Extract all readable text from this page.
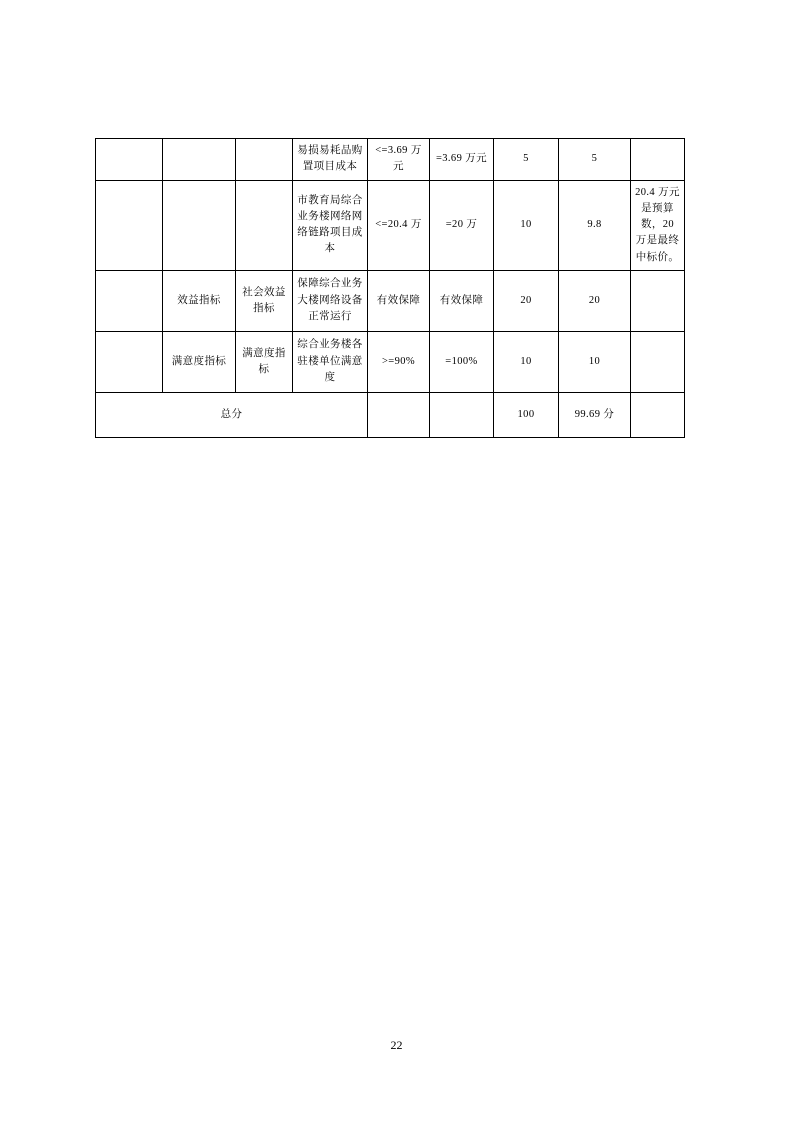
			易损易耗品购置项目成本	<=3.69 万元	=3.69 万元	5	5	
			市教育局综合业务楼网络网络链路项目成本	<=20.4 万	=20 万	10	9.8	20.4 万元是预算数，20 万是最终中标价。
	效益指标	社会效益指标	保障综合业务大楼网络设备正常运行	有效保障	有效保障	20	20	
	满意度指标	满意度指标	综合业务楼各驻楼单位满意度	>=90%	=100%	10	10	
总分						100	99.69 分	
22
